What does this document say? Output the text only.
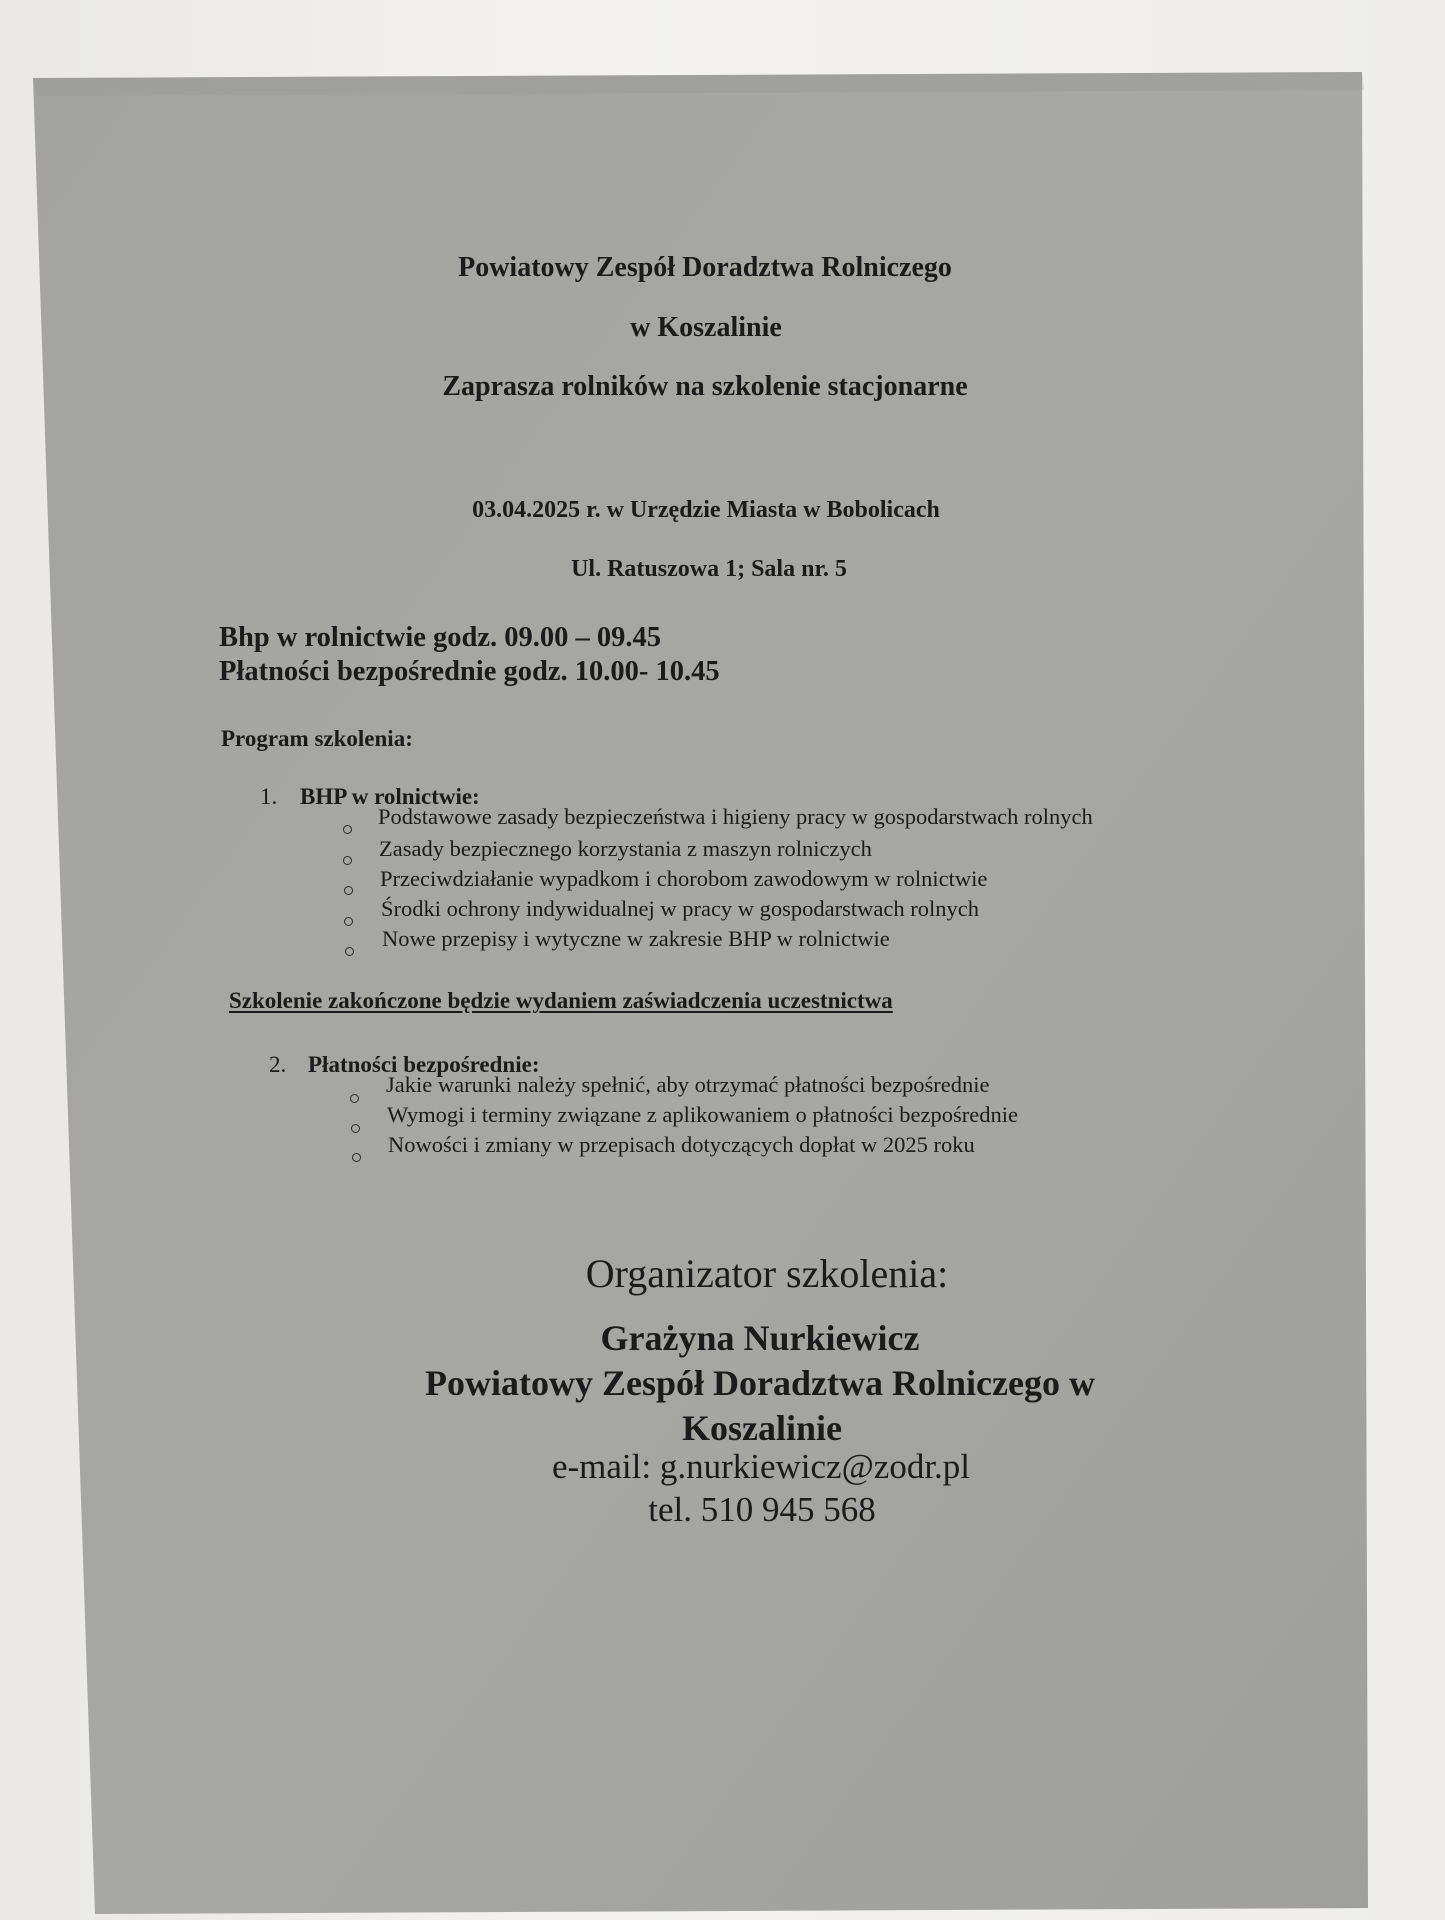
Powiatowy Zespół Doradztwa Rolniczego

w Koszalinie

Zaprasza rolników na szkolenie stacjonarne

03.04.2025 r. w Urzędzie Miasta w Bobolicach

Ul. Ratuszowa 1; Sala nr. 5

Bhp w rolnictwie godz. 09.00 – 09.45

Płatności bezpośrednie godz. 10.00- 10.45

Program szkolenia:

1. BHP w rolnictwie:

Podstawowe zasady bezpieczeństwa i higieny pracy w gospodarstwach rolnych

Zasady bezpiecznego korzystania z maszyn rolniczych

Przeciwdziałanie wypadkom i chorobom zawodowym w rolnictwie

Środki ochrony indywidualnej w pracy w gospodarstwach rolnych

Nowe przepisy i wytyczne w zakresie BHP w rolnictwie

Szkolenie zakończone będzie wydaniem zaświadczenia uczestnictwa

2. Płatności bezpośrednie:

Jakie warunki należy spełnić, aby otrzymać płatności bezpośrednie

Wymogi i terminy związane z aplikowaniem o płatności bezpośrednie

Nowości i zmiany w przepisach dotyczących dopłat w 2025 roku

Organizator szkolenia:

Grażyna Nurkiewicz

Powiatowy Zespół Doradztwa Rolniczego w

Koszalinie

e-mail: g.nurkiewicz@zodr.pl

tel. 510 945 568
